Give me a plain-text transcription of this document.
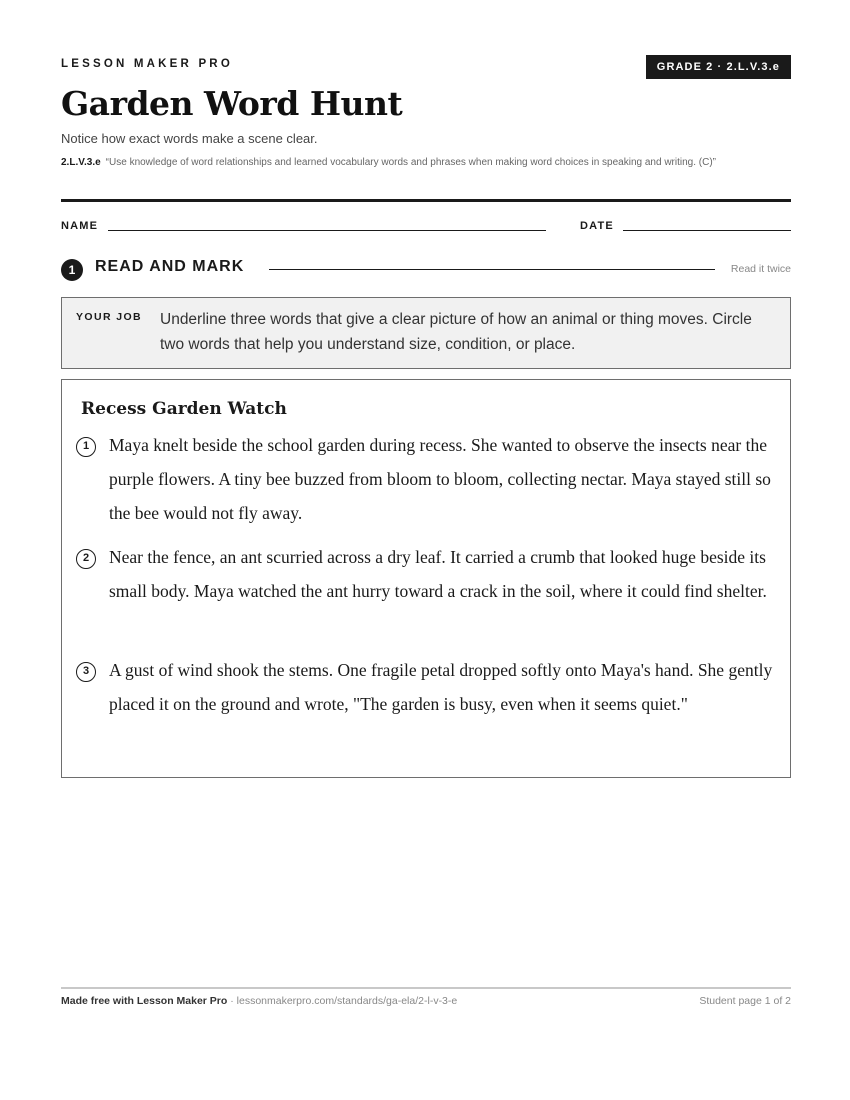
LESSON MAKER PRO	GRADE 2 · 2.L.V.3.e
Garden Word Hunt
Notice how exact words make a scene clear.
2.L.V.3.e “Use knowledge of word relationships and learned vocabulary words and phrases when making word choices in speaking and writing. (C)”
NAME	DATE
1	READ AND MARK	Read it twice
YOUR JOB Underline three words that give a clear picture of how an animal or thing moves. Circle two words that help you understand size, condition, or place.
Recess Garden Watch
1	Maya knelt beside the school garden during recess. She wanted to observe the insects near the purple flowers. A tiny bee buzzed from bloom to bloom, collecting nectar. Maya stayed still so the bee would not fly away.
2	Near the fence, an ant scurried across a dry leaf. It carried a crumb that looked huge beside its small body. Maya watched the ant hurry toward a crack in the soil, where it could find shelter.
3	A gust of wind shook the stems. One fragile petal dropped softly onto Maya's hand. She gently placed it on the ground and wrote, "The garden is busy, even when it seems quiet."
Made free with Lesson Maker Pro · lessonmakerpro.com/standards/ga-ela/2-l-v-3-e	Student page 1 of 2
